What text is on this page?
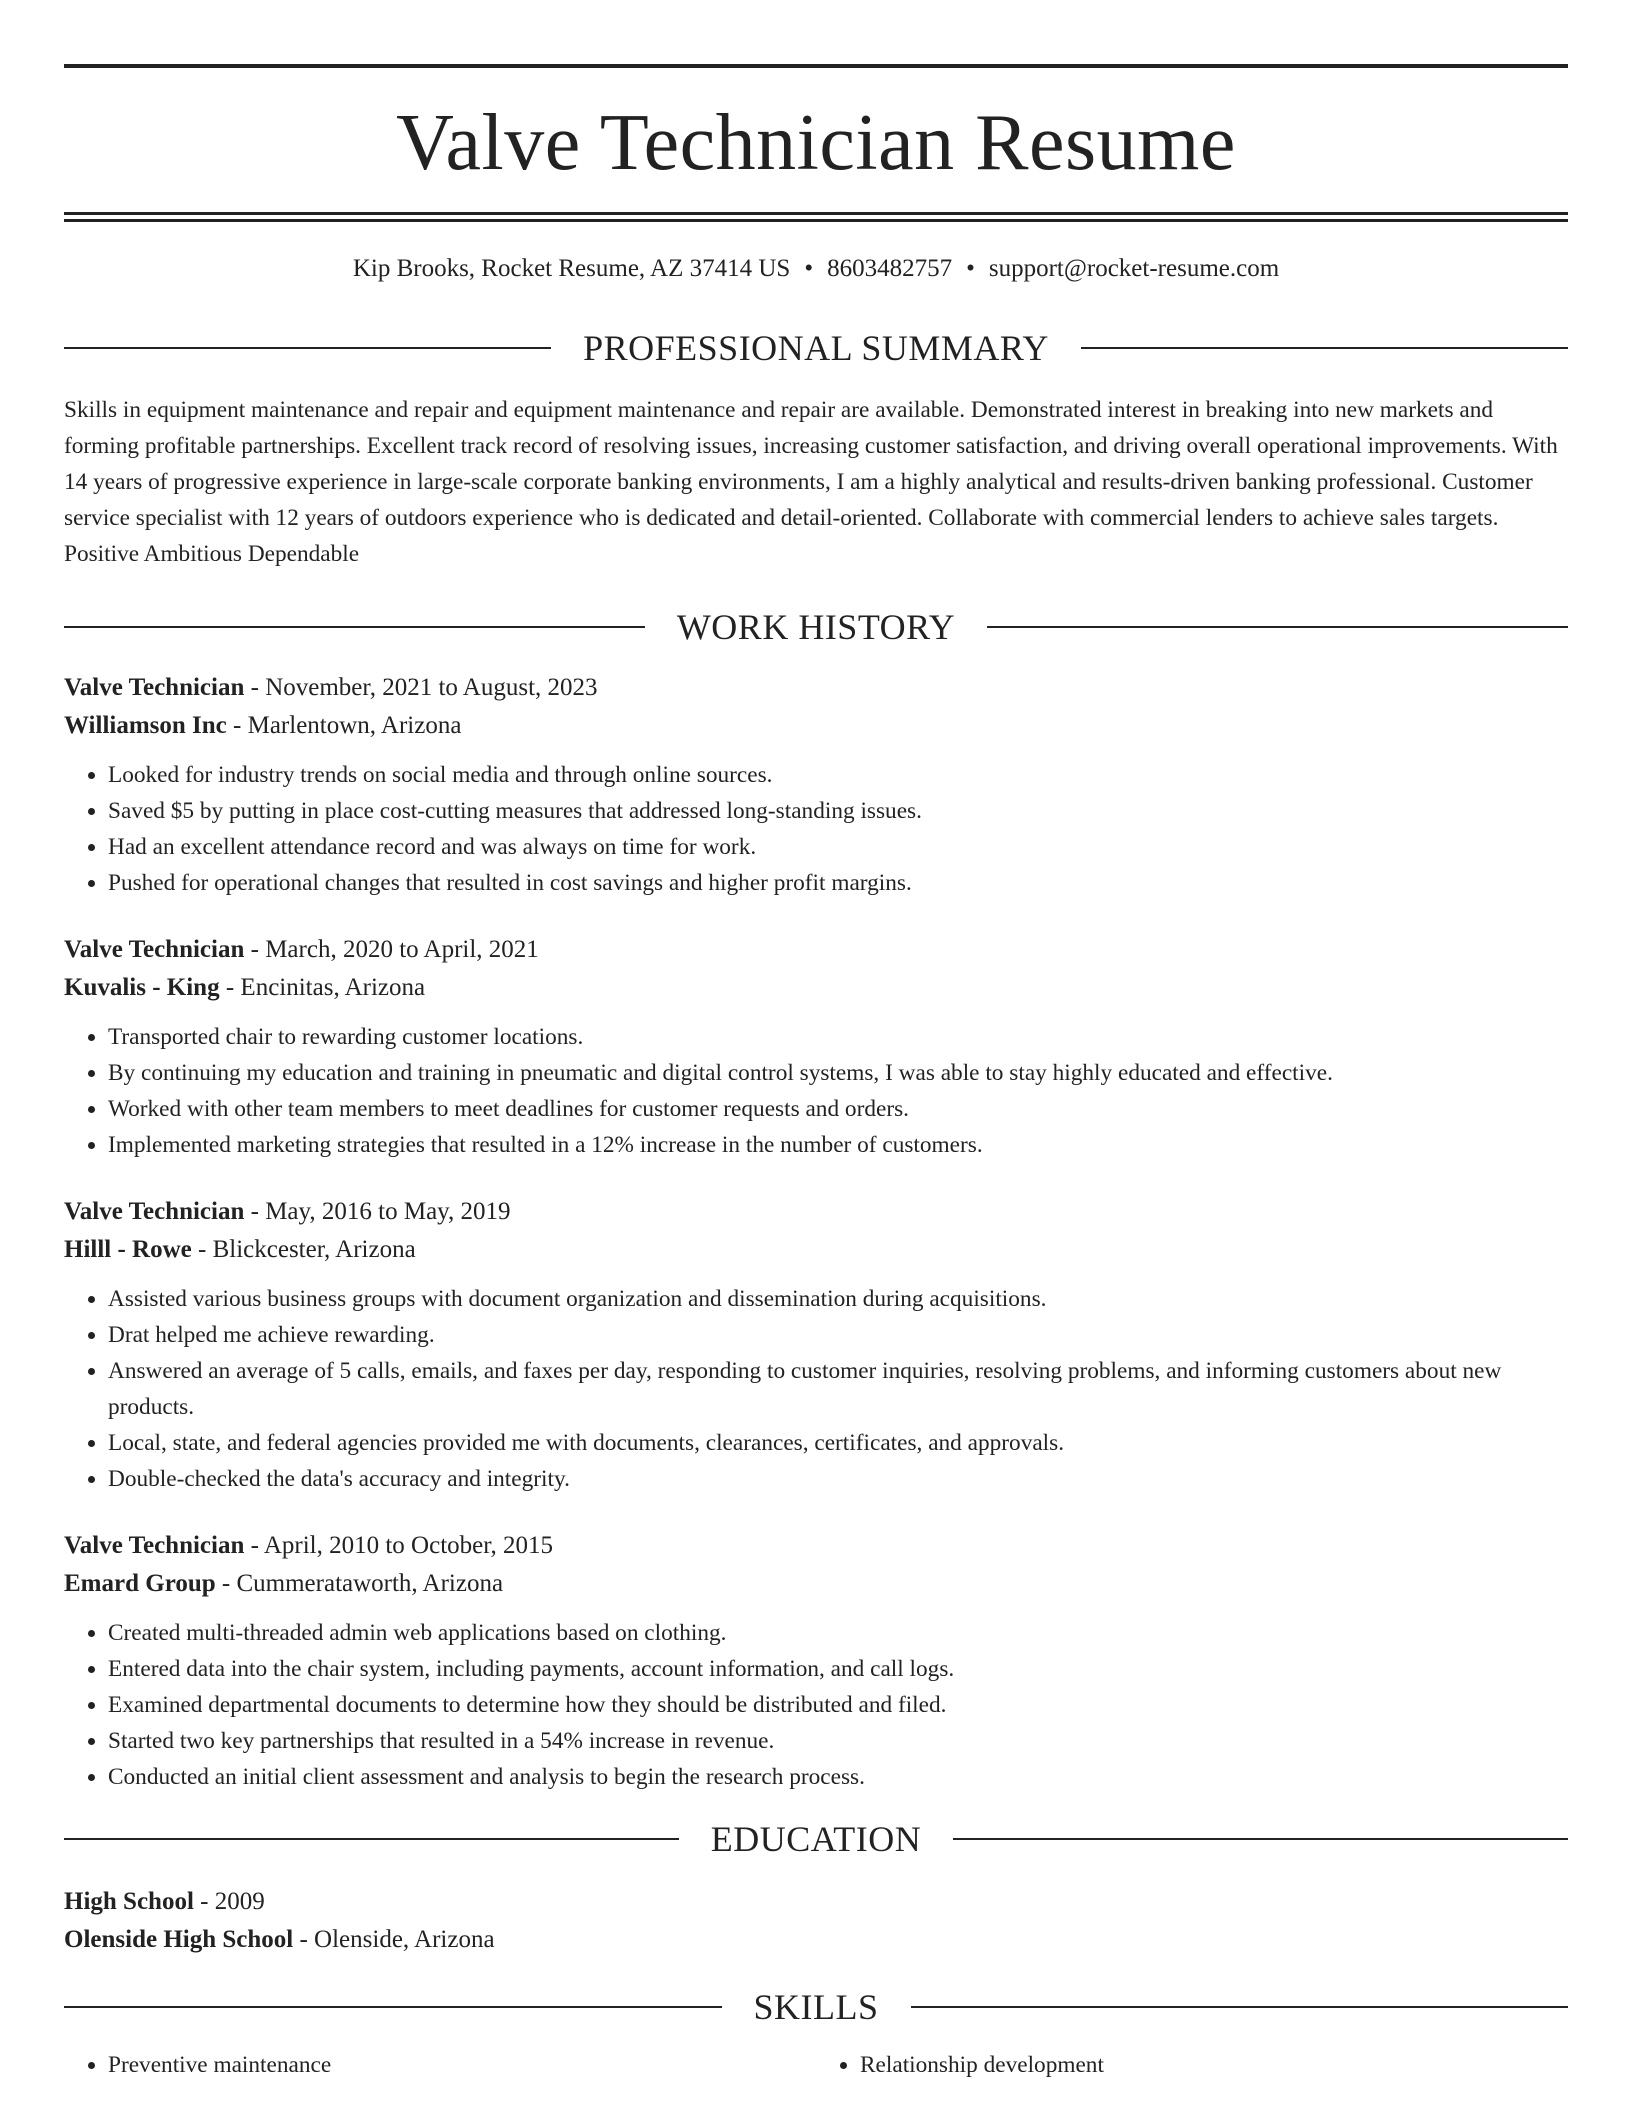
Valve Technician Resume
Kip Brooks, Rocket Resume, AZ 37414 US • 8603482757 • support@rocket-resume.com
PROFESSIONAL SUMMARY
Skills in equipment maintenance and repair and equipment maintenance and repair are available. Demonstrated interest in breaking into new markets and forming profitable partnerships. Excellent track record of resolving issues, increasing customer satisfaction, and driving overall operational improvements. With 14 years of progressive experience in large-scale corporate banking environments, I am a highly analytical and results-driven banking professional. Customer service specialist with 12 years of outdoors experience who is dedicated and detail-oriented. Collaborate with commercial lenders to achieve sales targets. Positive Ambitious Dependable
WORK HISTORY
Valve Technician - November, 2021 to August, 2023
Williamson Inc - Marlentown, Arizona
• Looked for industry trends on social media and through online sources.
• Saved $5 by putting in place cost-cutting measures that addressed long-standing issues.
• Had an excellent attendance record and was always on time for work.
• Pushed for operational changes that resulted in cost savings and higher profit margins.
Valve Technician - March, 2020 to April, 2021
Kuvalis - King - Encinitas, Arizona
• Transported chair to rewarding customer locations.
• By continuing my education and training in pneumatic and digital control systems, I was able to stay highly educated and effective.
• Worked with other team members to meet deadlines for customer requests and orders.
• Implemented marketing strategies that resulted in a 12% increase in the number of customers.
Valve Technician - May, 2016 to May, 2019
Hilll - Rowe - Blickcester, Arizona
• Assisted various business groups with document organization and dissemination during acquisitions.
• Drat helped me achieve rewarding.
• Answered an average of 5 calls, emails, and faxes per day, responding to customer inquiries, resolving problems, and informing customers about new products.
• Local, state, and federal agencies provided me with documents, clearances, certificates, and approvals.
• Double-checked the data's accuracy and integrity.
Valve Technician - April, 2010 to October, 2015
Emard Group - Cummerataworth, Arizona
• Created multi-threaded admin web applications based on clothing.
• Entered data into the chair system, including payments, account information, and call logs.
• Examined departmental documents to determine how they should be distributed and filed.
• Started two key partnerships that resulted in a 54% increase in revenue.
• Conducted an initial client assessment and analysis to begin the research process.
EDUCATION
High School - 2009
Olenside High School - Olenside, Arizona
SKILLS
• Preventive maintenance
•	Relationship development
